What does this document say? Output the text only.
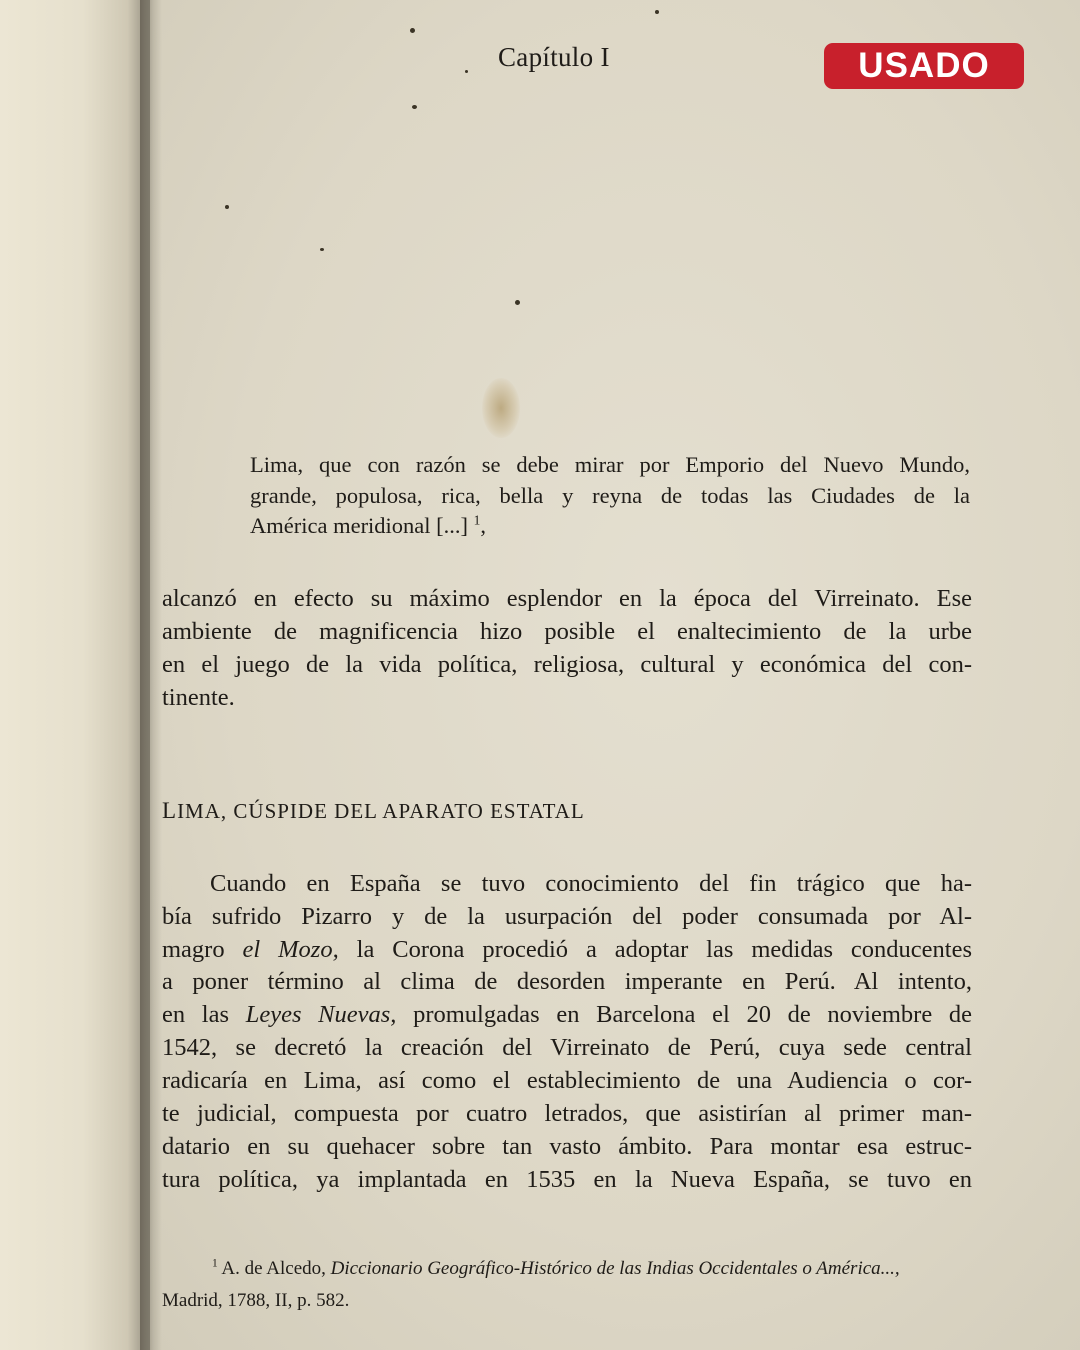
Capítulo I	USADO

Lima, que con razón se debe mirar por Emporio del Nuevo Mundo,

grande, populosa, rica, bella y reyna de todas las Ciudades de la

América meridional [...] $^1$,

alcanzó en efecto su máximo esplendor en la época del Virreinato. Ese

ambiente de magnificencia hizo posible el enaltecimiento de la urbe

en el juego de la vida política, religiosa, cultural y económica del con-

tinente.

LIMA, CÚSPIDE DEL APARATO ESTATAL

Cuando en España se tuvo conocimiento del fin trágico que ha-

bía sufrido Pizarro y de la usurpación del poder consumada por Al-

magro el Mozo, la Corona procedió a adoptar las medidas conducentes

a poner término al clima de desorden imperante en Perú. Al intento,

en las Leyes Nuevas, promulgadas en Barcelona el 20 de noviembre de

1542, se decretó la creación del Virreinato de Perú, cuya sede central

radicaría en Lima, así como el establecimiento de una Audiencia o cor-

te judicial, compuesta por cuatro letrados, que asistirían al primer man-

datario en su quehacer sobre tan vasto ámbito. Para montar esa estruc-

tura política, ya implantada en 1535 en la Nueva España, se tuvo en

$^1$ A. de Alcedo, Diccionario Geográfico-Histórico de las Indias Occidentales o América...,

Madrid, 1788, II, p. 582.
